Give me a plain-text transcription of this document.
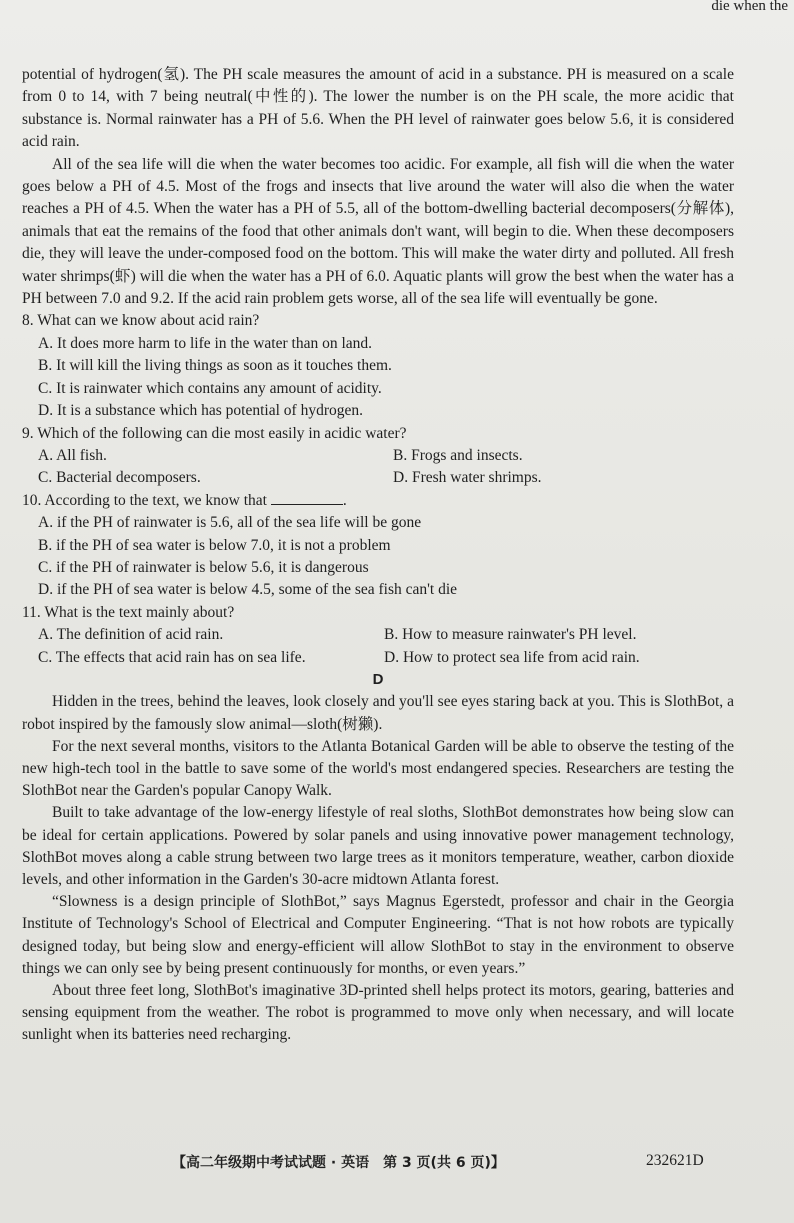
die when the

potential of hydrogen(氢). The PH scale measures the amount of acid in a substance. PH is measured on a scale from 0 to 14, with 7 being neutral(中性的). The lower the number is on the PH scale, the more acidic that substance is. Normal rainwater has a PH of 5.6. When the PH level of rainwater goes below 5.6, it is considered acid rain.

All of the sea life will die when the water becomes too acidic. For example, all fish will die when the water goes below a PH of 4.5. Most of the frogs and insects that live around the water will also die when the water reaches a PH of 4.5. When the water has a PH of 5.5, all of the bottom-dwelling bacterial decomposers(分解体), animals that eat the remains of the food that other animals don't want, will begin to die. When these decomposers die, they will leave the under-composed food on the bottom. This will make the water dirty and polluted. All fresh water shrimps(虾) will die when the water has a PH of 6.0. Aquatic plants will grow the best when the water has a PH between 7.0 and 9.2. If the acid rain problem gets worse, all of the sea life will eventually be gone.

8. What can we know about acid rain?

A. It does more harm to life in the water than on land.

B. It will kill the living things as soon as it touches them.

C. It is rainwater which contains any amount of acidity.

D. It is a substance which has potential of hydrogen.

9. Which of the following can die most easily in acidic water?

A. All fish.	B. Frogs and insects.
C. Bacterial decomposers.	D. Fresh water shrimps.

10. According to the text, we know that	.

A. if the PH of rainwater is 5.6, all of the sea life will be gone

B. if the PH of sea water is below 7.0, it is not a problem

C. if the PH of rainwater is below 5.6, it is dangerous

D. if the PH of sea water is below 4.5, some of the sea fish can't die

11. What is the text mainly about?

A. The definition of acid rain.	B. How to measure rainwater's PH level.
C. The effects that acid rain has on sea life.	D. How to protect sea life from acid rain.

D

Hidden in the trees, behind the leaves, look closely and you'll see eyes staring back at you. This is SlothBot, a robot inspired by the famously slow animal—sloth(树獭).

For the next several months, visitors to the Atlanta Botanical Garden will be able to observe the testing of the new high-tech tool in the battle to save some of the world's most endangered species. Researchers are testing the SlothBot near the Garden's popular Canopy Walk.

Built to take advantage of the low-energy lifestyle of real sloths, SlothBot demonstrates how being slow can be ideal for certain applications. Powered by solar panels and using innovative power management technology, SlothBot moves along a cable strung between two large trees as it monitors temperature, weather, carbon dioxide levels, and other information in the Garden's 30-acre midtown Atlanta forest.

“Slowness is a design principle of SlothBot,” says Magnus Egerstedt, professor and chair in the Georgia Institute of Technology's School of Electrical and Computer Engineering. “That is not how robots are typically designed today, but being slow and energy-efficient will allow SlothBot to stay in the environment to observe things we can only see by being present continuously for months, or even years.”

About three feet long, SlothBot's imaginative 3D-printed shell helps protect its motors, gearing, batteries and sensing equipment from the weather. The robot is programmed to move only when necessary, and will locate sunlight when its batteries need recharging.

【高二年级期中考试试题 · 英语　第 3 页(共 6 页)】	232621D
